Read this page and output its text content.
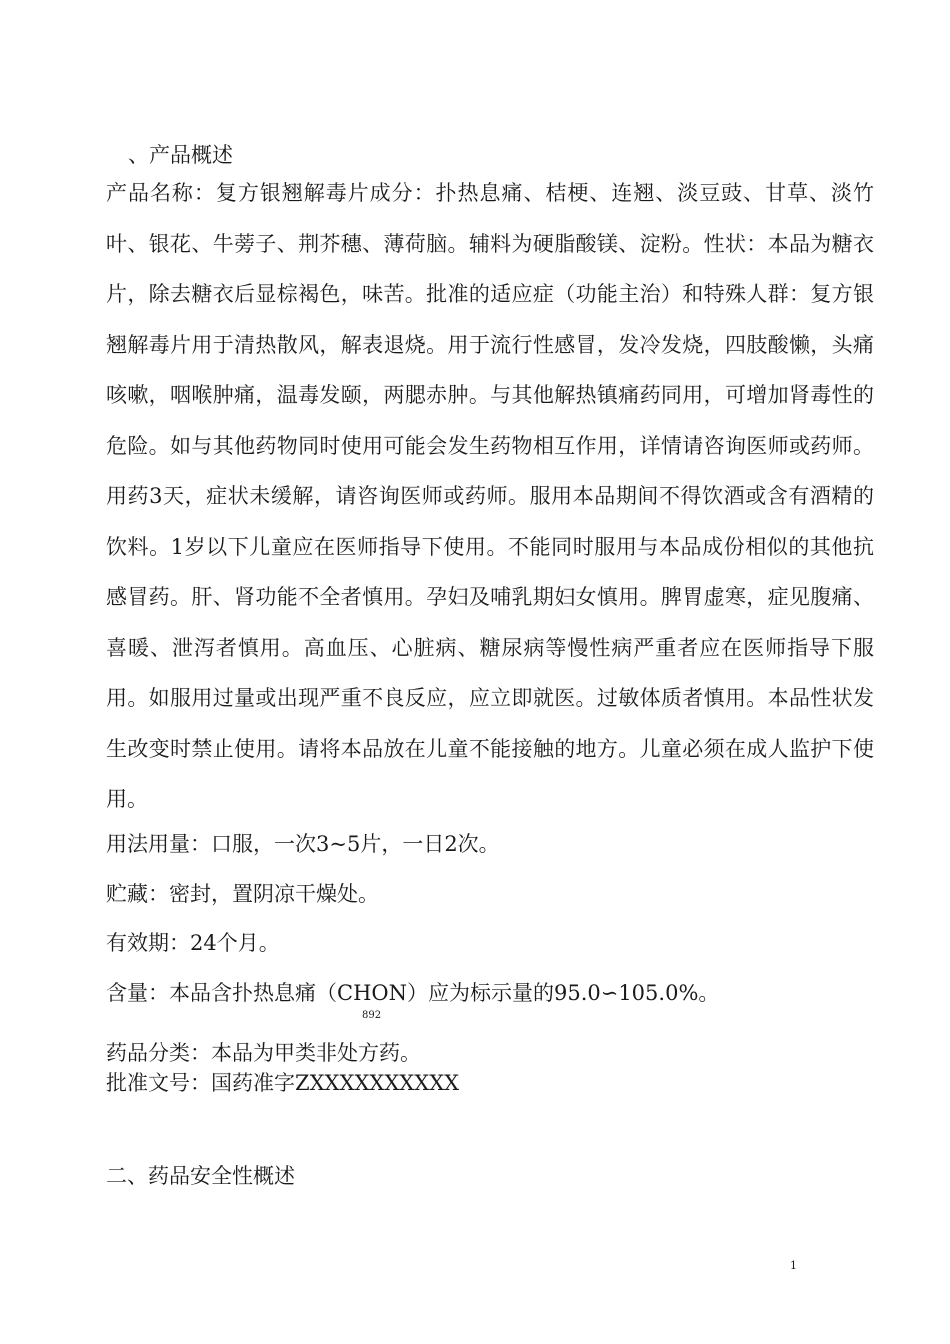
、产品概述
产品名称：复方银翘解毒片成分：扑热息痛、桔梗、连翘、淡豆豉、甘草、淡竹叶、银花、牛蒡子、荆芥穗、薄荷脑。辅料为硬脂酸镁、淀粉。性状：本品为糖衣片，除去糖衣后显棕褐色，味苦。批准的适应症（功能主治）和特殊人群：复方银翘解毒片用于清热散风，解表退烧。用于流行性感冒，发冷发烧，四肢酸懒，头痛咳嗽，咽喉肿痛，温毒发颐，两腮赤肿。与其他解热镇痛药同用，可增加肾毒性的危险。如与其他药物同时使用可能会发生药物相互作用，详情请咨询医师或药师。用药3天，症状未缓解，请咨询医师或药师。服用本品期间不得饮酒或含有酒精的饮料。1岁以下儿童应在医师指导下使用。不能同时服用与本品成份相似的其他抗感冒药。肝、肾功能不全者慎用。孕妇及哺乳期妇女慎用。脾胃虚寒，症见腹痛、喜暖、泄泻者慎用。高血压、心脏病、糖尿病等慢性病严重者应在医师指导下服用。如服用过量或出现严重不良反应，应立即就医。过敏体质者慎用。本品性状发生改变时禁止使用。请将本品放在儿童不能接触的地方。儿童必须在成人监护下使用。
用法用量：口服，一次3~5片，一日2次。
贮藏：密封，置阴凉干燥处。
有效期：24个月。
含量：本品含扑热息痛（CHON）应为标示量的95.0∽105.0%。
892
药品分类：本品为甲类非处方药。
批准文号：国药准字ZXXXXXXXXXX
二、药品安全性概述
1
